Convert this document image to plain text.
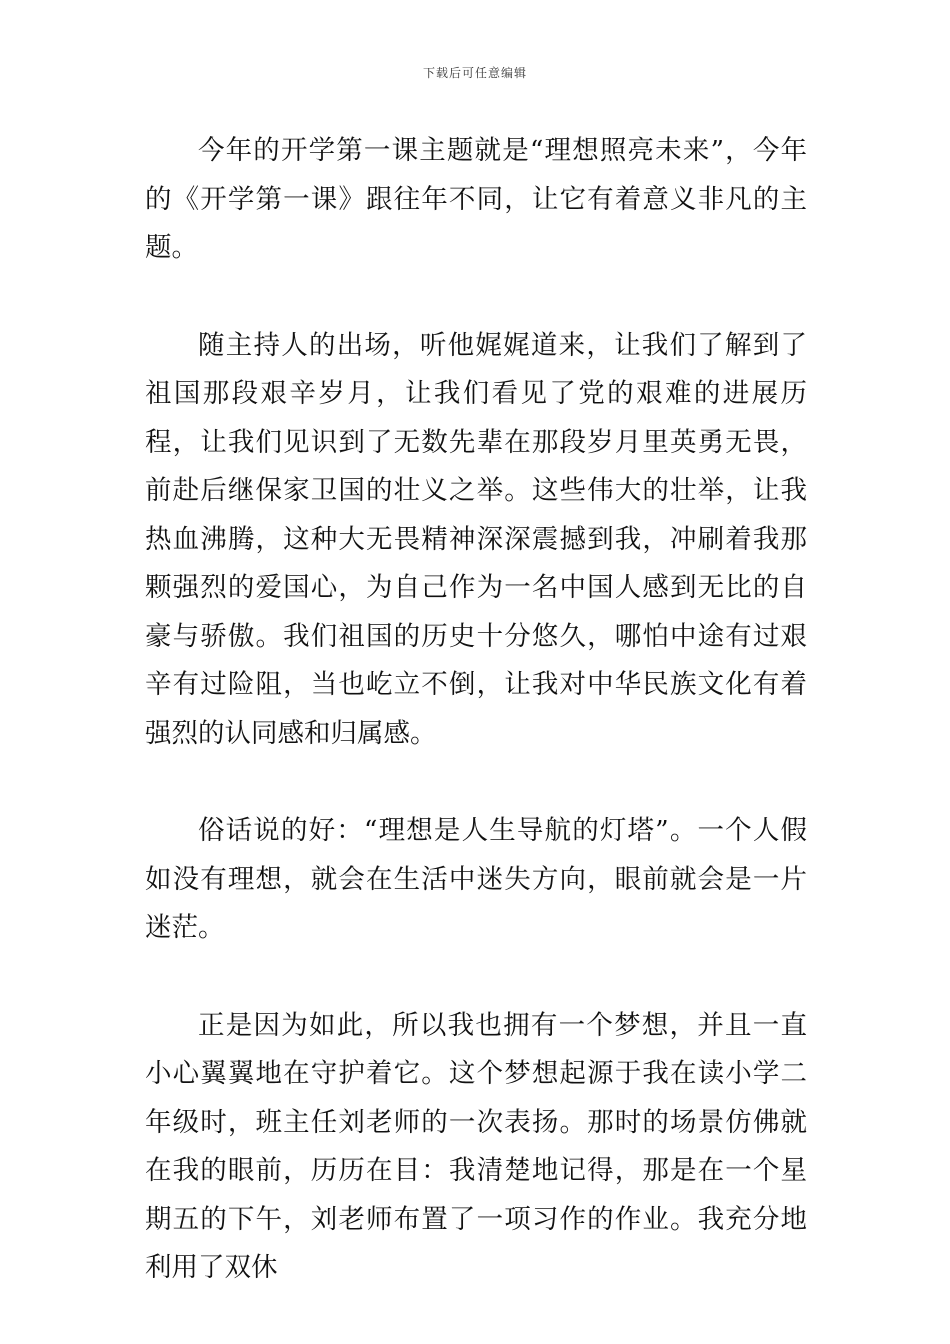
下载后可任意编辑

今年的开学第一课主题就是“理想照亮未来”，今年的《开学第一课》跟往年不同，让它有着意义非凡的主题。

随主持人的出场，听他娓娓道来，让我们了解到了祖国那段艰辛岁月，让我们看见了党的艰难的进展历程，让我们见识到了无数先辈在那段岁月里英勇无畏，前赴后继保家卫国的壮义之举。这些伟大的壮举，让我热血沸腾，这种大无畏精神深深震撼到我，冲刷着我那颗强烈的爱国心，为自己作为一名中国人感到无比的自豪与骄傲。我们祖国的历史十分悠久，哪怕中途有过艰辛有过险阻，当也屹立不倒，让我对中华民族文化有着强烈的认同感和归属感。

俗话说的好：“理想是人生导航的灯塔”。一个人假如没有理想，就会在生活中迷失方向，眼前就会是一片迷茫。

正是因为如此，所以我也拥有一个梦想，并且一直小心翼翼地在守护着它。这个梦想起源于我在读小学二年级时，班主任刘老师的一次表扬。那时的场景仿佛就在我的眼前，历历在目：我清楚地记得，那是在一个星期五的下午，刘老师布置了一项习作的作业。我充分地利用了双休
